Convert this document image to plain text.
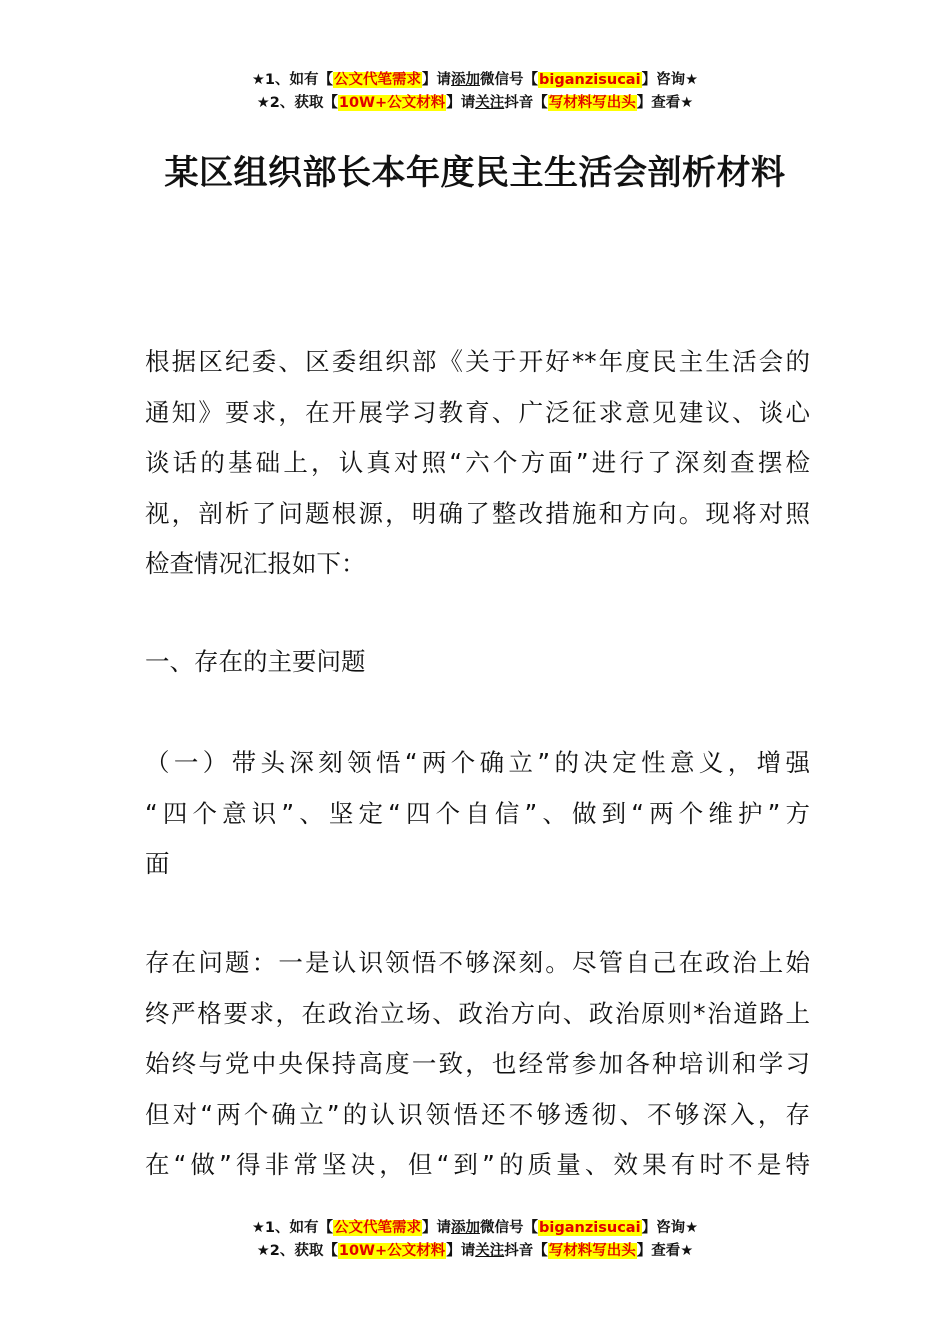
★1、如有【公文代笔需求】请添加微信号【biganzisucai】咨询★
★2、获取【10W+公文材料】请关注抖音【写材料写出头】查看★
某区组织部长本年度民主生活会剖析材料
根据区纪委、区委组织部《关于开好**年度民主生活会的
通知》要求，在开展学习教育、广泛征求意见建议、谈心
谈话的基础上，认真对照“六个方面”进行了深刻查摆检
视，剖析了问题根源，明确了整改措施和方向。现将对照
检查情况汇报如下：
一、存在的主要问题
（一）带头深刻领悟“两个确立”的决定性意义，增强
“四个意识”、坚定“四个自信”、做到“两个维护”方
面
存在问题：一是认识领悟不够深刻。尽管自己在政治上始
终严格要求，在政治立场、政治方向、政治原则*治道路上
始终与党中央保持高度一致，也经常参加各种培训和学习
但对“两个确立”的认识领悟还不够透彻、不够深入，存
在“做”得非常坚决，但“到”的质量、效果有时不是特
★1、如有【公文代笔需求】请添加微信号【biganzisucai】咨询★
★2、获取【10W+公文材料】请关注抖音【写材料写出头】查看★
